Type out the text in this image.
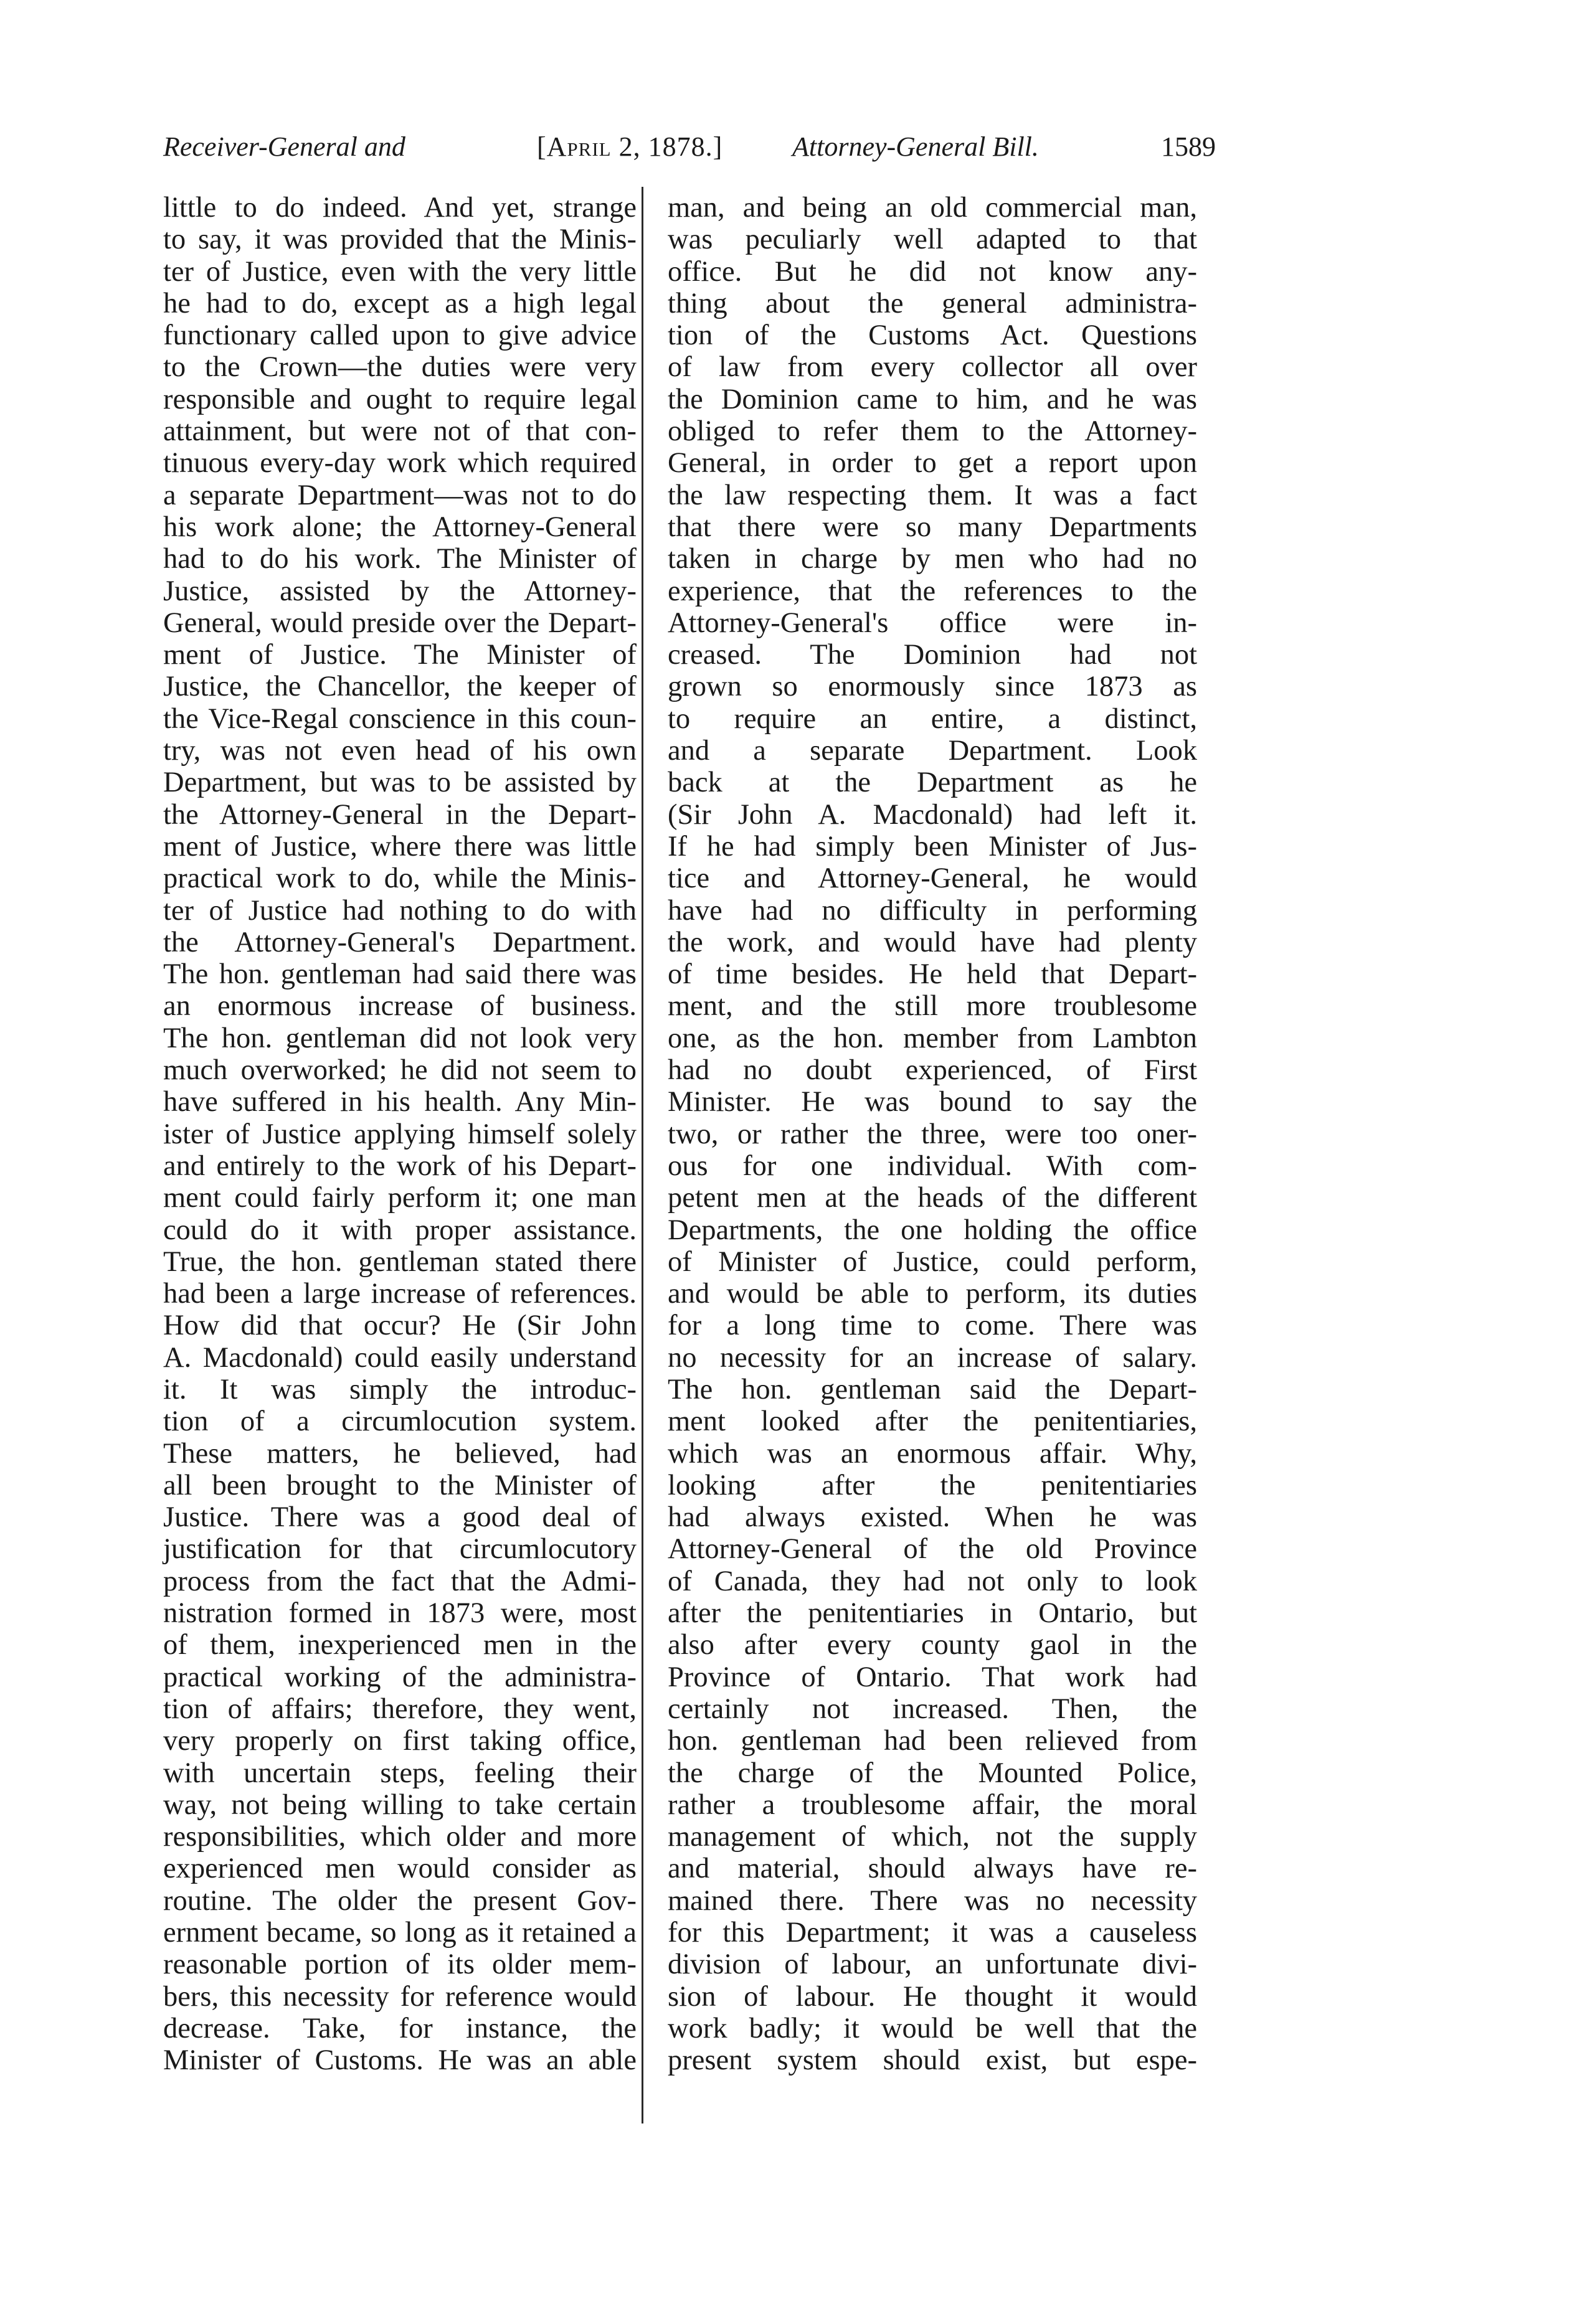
Receiver-General and	[April 2, 1878.]	Attorney-General Bill.	1589
little to do indeed. And yet, strange
to say, it was provided that the Minis-
ter of Justice, even with the very little
he had to do, except as a high legal
functionary called upon to give advice
to the Crown—the duties were very
responsible and ought to require legal
attainment, but were not of that con-
tinuous every-day work which required
a separate Department—was not to do
his work alone; the Attorney-General
had to do his work. The Minister of
Justice, assisted by the Attorney-
General, would preside over the Depart-
ment of Justice. The Minister of
Justice, the Chancellor, the keeper of
the Vice-Regal conscience in this coun-
try, was not even head of his own
Department, but was to be assisted by
the Attorney-General in the Depart-
ment of Justice, where there was little
practical work to do, while the Minis-
ter of Justice had nothing to do with
the Attorney-General's Department.
The hon. gentleman had said there was
an enormous increase of business.
The hon. gentleman did not look very
much overworked; he did not seem to
have suffered in his health. Any Min-
ister of Justice applying himself solely
and entirely to the work of his Depart-
ment could fairly perform it; one man
could do it with proper assistance.
True, the hon. gentleman stated there
had been a large increase of references.
How did that occur? He (Sir John
A. Macdonald) could easily understand
it. It was simply the introduc-
tion of a circumlocution system.
These matters, he believed, had
all been brought to the Minister of
Justice. There was a good deal of
justification for that circumlocutory
process from the fact that the Admi-
nistration formed in 1873 were, most
of them, inexperienced men in the
practical working of the administra-
tion of affairs; therefore, they went,
very properly on first taking office,
with uncertain steps, feeling their
way, not being willing to take certain
responsibilities, which older and more
experienced men would consider as
routine. The older the present Gov-
ernment became, so long as it retained a
reasonable portion of its older mem-
bers, this necessity for reference would
decrease. Take, for instance, the
Minister of Customs. He was an able
man, and being an old commercial man,
was peculiarly well adapted to that
office. But he did not know any-
thing about the general administra-
tion of the Customs Act. Questions
of law from every collector all over
the Dominion came to him, and he was
obliged to refer them to the Attorney-
General, in order to get a report upon
the law respecting them. It was a fact
that there were so many Departments
taken in charge by men who had no
experience, that the references to the
Attorney-General's office were in-
creased. The Dominion had not
grown so enormously since 1873 as
to require an entire, a distinct,
and a separate Department. Look
back at the Department as he
(Sir John A. Macdonald) had left it.
If he had simply been Minister of Jus-
tice and Attorney-General, he would
have had no difficulty in performing
the work, and would have had plenty
of time besides. He held that Depart-
ment, and the still more troublesome
one, as the hon. member from Lambton
had no doubt experienced, of First
Minister. He was bound to say the
two, or rather the three, were too oner-
ous for one individual. With com-
petent men at the heads of the different
Departments, the one holding the office
of Minister of Justice, could perform,
and would be able to perform, its duties
for a long time to come. There was
no necessity for an increase of salary.
The hon. gentleman said the Depart-
ment looked after the penitentiaries,
which was an enormous affair. Why,
looking after the penitentiaries
had always existed. When he was
Attorney-General of the old Province
of Canada, they had not only to look
after the penitentiaries in Ontario, but
also after every county gaol in the
Province of Ontario. That work had
certainly not increased. Then, the
hon. gentleman had been relieved from
the charge of the Mounted Police,
rather a troublesome affair, the moral
management of which, not the supply
and material, should always have re-
mained there. There was no necessity
for this Department; it was a causeless
division of labour, an unfortunate divi-
sion of labour. He thought it would
work badly; it would be well that the
present system should exist, but espe-
